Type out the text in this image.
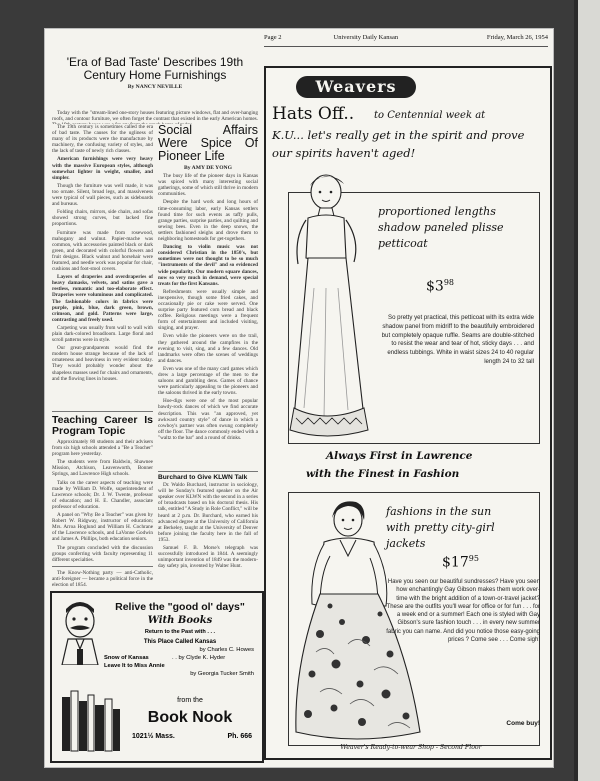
Page 2	University Daily Kansan	Friday, March 26, 1954
'Era of Bad Taste' Describes 19th Century Home Furnishings
By NANCY NEVILLE

Today with the "stream-lined one-story houses featuring picture windows, flat and over-hanging roofs, and contour furniture, we often forget the contrast that existed in the early American homes.

The 19th century is sometimes called the era of bad taste. The causes for the ugliness of many of its products were the manufacture by machinery, the confusing variety of styles, and the lack of taste of newly rich classes.

American furnishings were very heavy with the massive European styles, although somewhat lighter in weight, smaller, and simpler.

Though the furniture was well made, it was too ornate. Silent, broad legs, and massiveness were typical of wall pieces, such as sideboards and bureaus.

Folding chairs, mirrors, side chairs, and sofas showed strong curves, but lacked fine proportions.

Furniture was made from rosewood, mahogany and walnut. Papier-mache was common, with accessories painted black or dark green, and decorated with colorful flowers and fruit designs. Black walnut and horsehair were featured, and needle work was popular for chair, cushions and foot-stool covers.

Layers of draperies and overdraperies of heavy damasks, velvets, and satins gave a restless, romantic and too-elaborate effect. Draperies were voluminous and complicated. The fashionable colors in fabrics were purple, pink, blue, dark green, brown, crimson, and gold. Patterns were large, contrasting and freely used.

Carpeting was usually from wall to wall with plain dark-colored broadloom. Large floral and scroll patterns were in style.

Our great-grandparents would find the modern house strange because of the lack of ornateness and heaviness in very evident today. They would probably wonder about the shapeless masses used for chairs and ornaments, and the flowing lines in houses.

Teaching Career Is Program Topic

Approximately 80 students and their advisers from six high schools attended a "Be a Teacher" program here yesterday.

The students were from Baldwin, Shawnee Mission, Atchison, Leavenworth, Bonner Springs, and Lawrence High schools.

Talks on the career aspects of teaching were made by William D. Wolfe, superintendent of Lawrence schools; Dr. J. W. Twente, professor of education; and H. E. Chandler, associate professor of education.

A panel on "Why Be a Teacher" was given by Robert W. Ridgway, instructor of education; Mrs. Arroa Hoglund and William H. Cochrane of the Lawrence schools, and LaVonne Godwin and James A. Phillips, both education seniors.

The program concluded with the discussion groups conferring with faculty representing 11 different specialties.

The Know-Nothing party — anti-Catholic, anti-foreigner — became a political force in the election of 1854.

Social Affairs Were Spice Of Pioneer Life
By AMY DE YONG

The busy life of the pioneer days in Kansas was spiced with many interesting social gatherings, some of which still thrive in modern communities.

Despite the hard work and long hours of time-consuming labor, early Kansas settlers found time for such events as taffy pulls, grange parties, surprise parties, and quilting and sewing bees. Even in the deep snows, the settlers fashioned sleighs and drove them to neighboring homesteads for get-togethers.

Dancing to violin music was not considered Christian in the 1850's, but sometimes were not thought to be so much "instruments of the devil" and so evidenced wide popularity. Our modern square dances, now so very much in demand, were special treats for the first Kansans.

Refreshments were usually simple and inexpensive, though some fried cakes, and occasionally pie or cake were served. One surprise party featured corn bread and black coffee. Religious meetings were a frequent form of entertainment and included visiting, singing, and prayer.

Even while the pioneers were on the trail, they gathered around the campfires in the evening to visit, sing, and a few dances. Old landmarks were often the scenes of weddings and dances.

Even was one of the many card games which drew a large percentage of the men to the saloons and gambling dens. Games of chance were particularly appealing to the pioneers and the saloons thrived in the early towns.

Hoe-digs were one of the most popular bawdy-rock dances of which we find accurate description. This was "an approved, yet awkward country style" of dance in which a cowboy's partner was often swung completely off the floor. The dance commonly ended with a "waltz to the bar" and a round of drinks.

Burchard to Give KLWN Talk

Dr. Waldo Burchard, instructor in sociology, will be Sunday's featured speaker on the Air speaker over KLWN with the second in a series of broadcasts based on his doctoral thesis. His talk, entitled "A Study in Role Conflict," will be heard at 2 p.m. Dr. Burchard, who earned his advanced degree at the University of California at Berkeley, taught at the University of Denver before joining the faculty here in the fall of 1953.

Samuel F. B. Morse's telegraph was successfully introduced in 1844. A seemingly unimportant invention of 1849 was the modern-day safety pin, invented by Walter Hunt.

Relive the "good ol' days"
With Books
Return to the Past with . . .
This Place Called Kansas
by Charles C. Howes
Snow of Kansas	. . by Clyde K. Hyder
Leave It to Miss Annie
by Georgia Tucker Smith
from the
Book Nook
1021½ Mass.	Ph. 666
Weavers
Hats Off..	to Centennial week at
K.U... let's really get in the spirit and prove
our spirits haven't aged!
proportioned lengths
shadow paneled plisse
petticoat
$\$3^{98}$
So pretty yet practical, this petticoat with its extra wide shadow panel from midriff to the beautifully embroidered but completely opaque ruffle. Seams are double-stitched to resist the wear and tear of hot, sticky days . . . and endless tubbings. White in waist sizes 24 to 40 regular length 24 to 32 tall
Always First in Lawrence
with the Finest in Fashion
fashions in the sun
with pretty city-girl
jackets
$\$17^{95}$
Have you seen our beautiful sundresses? Have you seen how enchantingly Gay Gibson makes them work over-time with the bright addition of a town-or-travel jacket? These are the outfits you'll wear for office or for fun . . . for a week end or a summer! Each one is styled with Gay Gibson's sure fashion touch . . . in every new summer fabric you can name. And did you notice those easy-going prices ? Come see . . . Come sigh!
Come buy!
Weaver's Ready-to-wear Shop - Second Floor
